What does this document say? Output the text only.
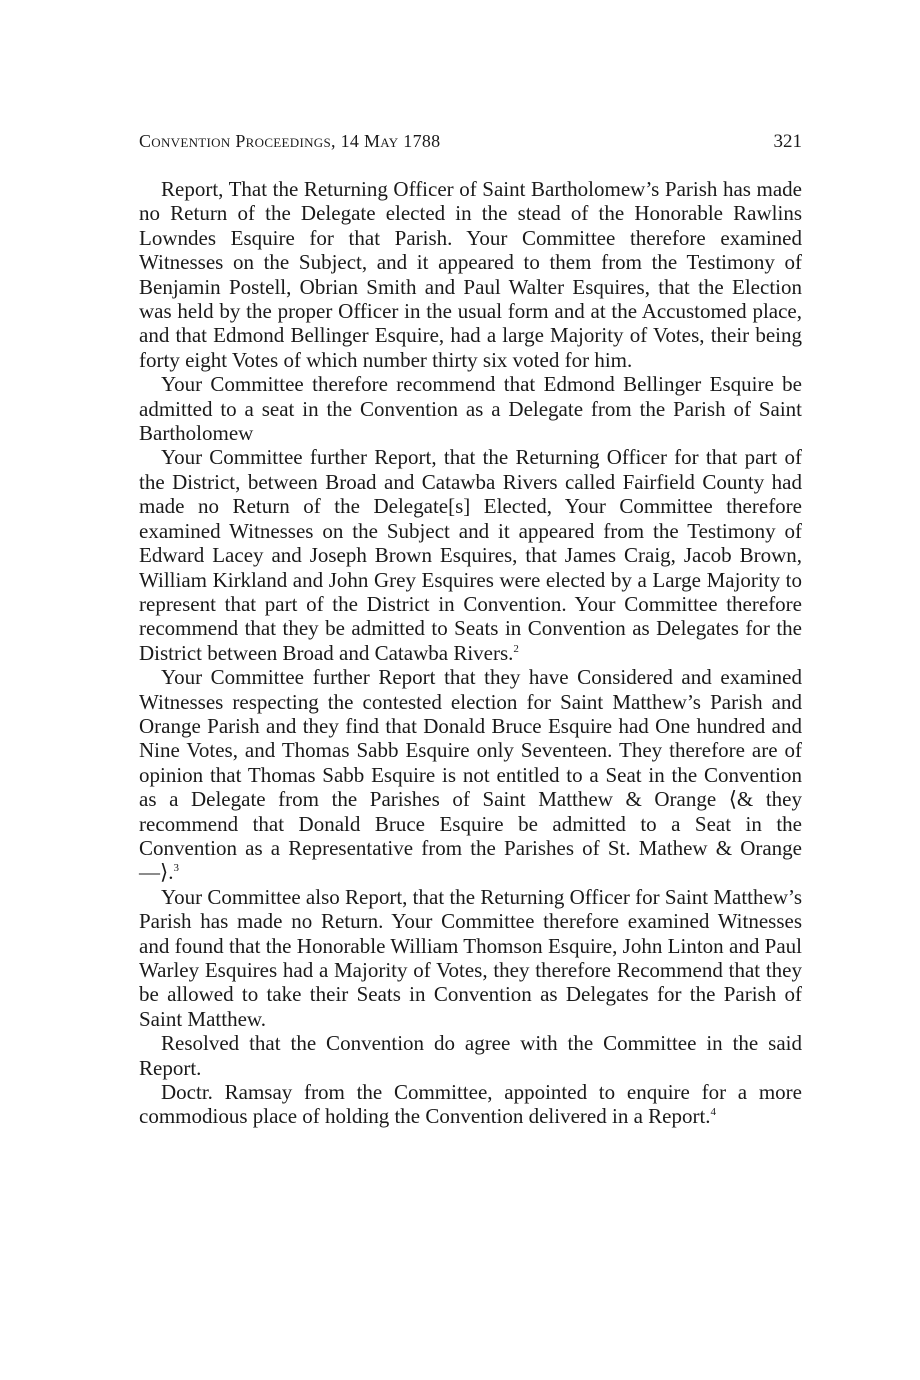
Convention Proceedings, 14 May 1788	321

Report, That the Returning Officer of Saint Bartholomew’s Parish has made no Return of the Delegate elected in the stead of the Honorable Rawlins Lowndes Esquire for that Parish. Your Committee therefore examined Witnesses on the Subject, and it appeared to them from the Testimony of Benjamin Postell, Obrian Smith and Paul Walter Esquires, that the Election was held by the proper Officer in the usual form and at the Accustomed place, and that Edmond Bellinger Esquire, had a large Majority of Votes, their being forty eight Votes of which number thirty six voted for him.

Your Committee therefore recommend that Edmond Bellinger Esquire be admitted to a seat in the Convention as a Delegate from the Parish of Saint Bartholomew

Your Committee further Report, that the Returning Officer for that part of the District, between Broad and Catawba Rivers called Fairfield County had made no Return of the Delegate[s] Elected, Your Committee therefore examined Witnesses on the Subject and it appeared from the Testimony of Edward Lacey and Joseph Brown Esquires, that James Craig, Jacob Brown, William Kirkland and John Grey Esquires were elected by a Large Majority to represent that part of the District in Convention. Your Committee therefore recommend that they be admitted to Seats in Convention as Delegates for the District between Broad and Catawba Rivers.$^2$

Your Committee further Report that they have Considered and examined Witnesses respecting the contested election for Saint Matthew’s Parish and Orange Parish and they find that Donald Bruce Esquire had One hundred and Nine Votes, and Thomas Sabb Esquire only Seventeen. They therefore are of opinion that Thomas Sabb Esquire is not entitled to a Seat in the Convention as a Delegate from the Parishes of Saint Matthew & Orange ⟨& they recommend that Donald Bruce Esquire be admitted to a Seat in the Convention as a Representative from the Parishes of St. Mathew & Orange—⟩.$^3$

Your Committee also Report, that the Returning Officer for Saint Matthew’s Parish has made no Return. Your Committee therefore examined Witnesses and found that the Honorable William Thomson Esquire, John Linton and Paul Warley Esquires had a Majority of Votes, they therefore Recommend that they be allowed to take their Seats in Convention as Delegates for the Parish of Saint Matthew.

Resolved that the Convention do agree with the Committee in the said Report.

Doctr. Ramsay from the Committee, appointed to enquire for a more commodious place of holding the Convention delivered in a Report.$^4$
